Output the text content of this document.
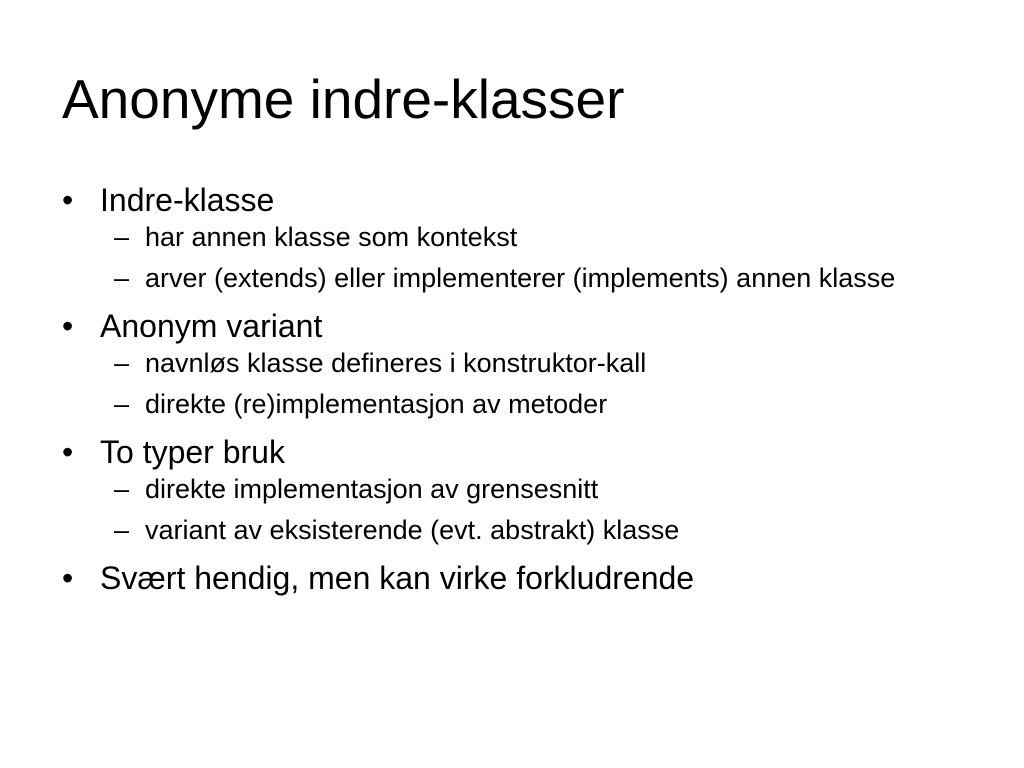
Anonyme indre-klasser
• Indre-klasse
– har annen klasse som kontekst
– arver (extends) eller implementerer (implements) annen klasse
• Anonym variant
– navnløs klasse defineres i konstruktor-kall
– direkte (re)implementasjon av metoder
• To typer bruk
– direkte implementasjon av grensesnitt
– variant av eksisterende (evt. abstrakt) klasse
• Svært hendig, men kan virke forkludrende
